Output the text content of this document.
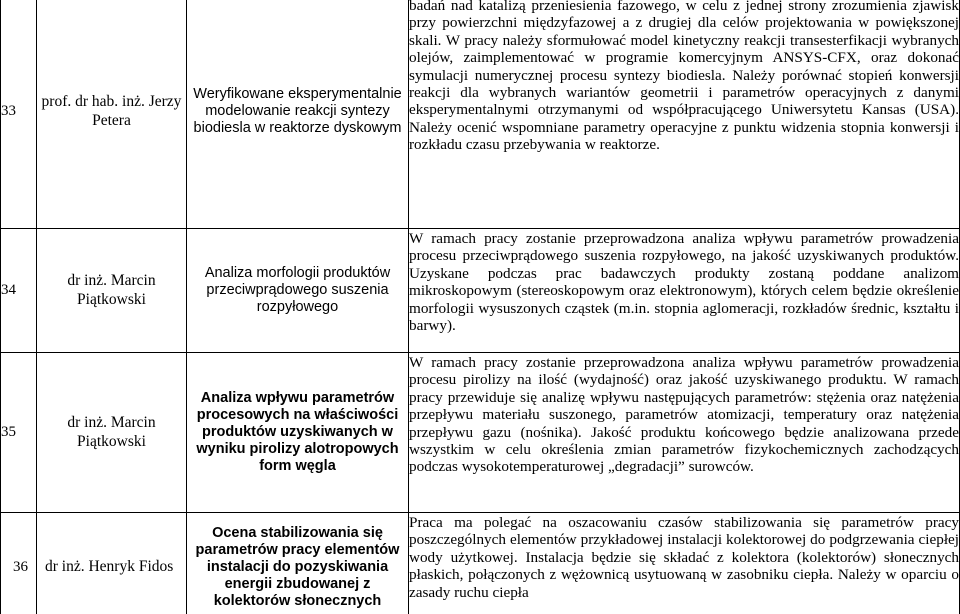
33	prof. dr hab. inż. Jerzy Petera	Weryfikowane eksperymentalnie modelowanie reakcji syntezy biodiesla w reaktorze dyskowym	badań nad katalizą przeniesienia fazowego, w celu z jednej strony zrozumienia zjawisk przy powierzchni międzyfazowej a z drugiej dla celów projektowania w powiększonej skali. W pracy należy sformułować model kinetyczny reakcji transesterfikacji wybranych olejów, zaimplementować w programie komercyjnym ANSYS-CFX, oraz dokonać symulacji numerycznej procesu syntezy biodiesla. Należy porównać stopień konwersji reakcji dla wybranych wariantów geometrii i parametrów operacyjnych z danymi eksperymentalnymi otrzymanymi od współpracującego Uniwersytetu Kansas (USA). Należy ocenić wspomniane parametry operacyjne z punktu widzenia stopnia konwersji i rozkładu czasu przebywania w reaktorze.

34	dr inż. Marcin Piątkowski	Analiza morfologii produktów przeciwprądowego suszenia rozpyłowego	W ramach pracy zostanie przeprowadzona analiza wpływu parametrów prowadzenia procesu przeciwprądowego suszenia rozpyłowego, na jakość uzyskiwanych produktów. Uzyskane podczas prac badawczych produkty zostaną poddane analizom mikroskopowym (stereoskopowym oraz elektronowym), których celem będzie określenie morfologii wysuszonych cząstek (m.in. stopnia aglomeracji, rozkładów średnic, kształtu i barwy).

35	dr inż. Marcin Piątkowski	Analiza wpływu parametrów procesowych na właściwości produktów uzyskiwanych w wyniku pirolizy alotropowych form węgla	W ramach pracy zostanie przeprowadzona analiza wpływu parametrów prowadzenia procesu pirolizy na ilość (wydajność) oraz jakość uzyskiwanego produktu. W ramach pracy przewiduje się analizę wpływu następujących parametrów: stężenia oraz natężenia przepływu materiału suszonego, parametrów atomizacji, temperatury oraz natężenia przepływu gazu (nośnika). Jakość produktu końcowego będzie analizowana przede wszystkim w celu określenia zmian parametrów fizykochemicznych zachodzących podczas wysokotemperaturowej „degradacji” surowców.

36	dr inż. Henryk Fidos	Ocena stabilizowania się parametrów pracy elementów instalacji do pozyskiwania energii zbudowanej z kolektorów słonecznych	Praca ma polegać na oszacowaniu czasów stabilizowania się parametrów pracy poszczególnych elementów przykładowej instalacji kolektorowej do podgrzewania ciepłej wody użytkowej. Instalacja będzie się składać z kolektora (kolektorów) słonecznych płaskich, połączonych z wężownicą usytuowaną w zasobniku ciepła. Należy w oparciu o zasady ruchu ciepła
